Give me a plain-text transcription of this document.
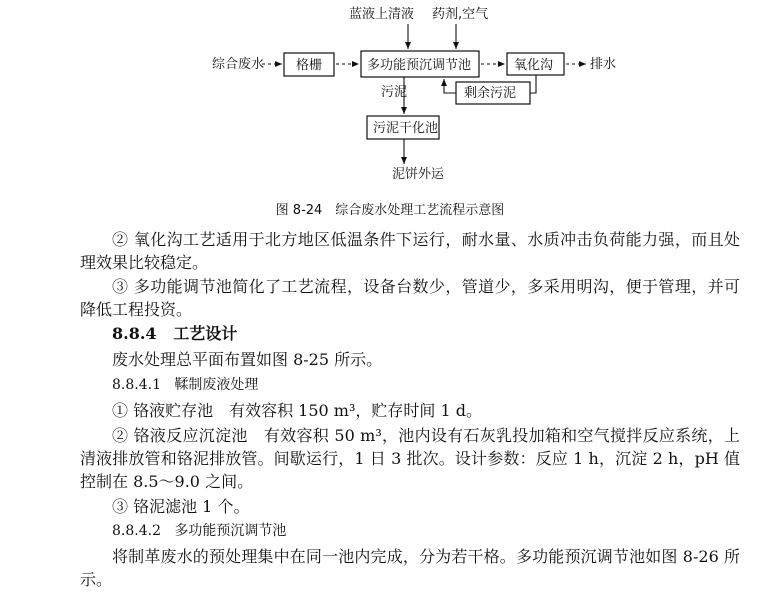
蓝液上清液 药剂,空气
综合废水	排水
污泥
泥饼外运
格栅	多功能预沉调节池	氧化沟
剩余污泥
污泥干化池
图 8-24　综合废水处理工艺流程示意图

② 氧化沟工艺适用于北方地区低温条件下运行，耐水量、水质冲击负荷能力强，而且处理效果比较稳定。

③ 多功能调节池简化了工艺流程，设备台数少，管道少，多采用明沟，便于管理，并可降低工程投资。

8.8.4 工艺设计

废水处理总平面布置如图 8-25 所示。

8.8.4.1 鞣制废液处理

① 铬液贮存池　有效容积 150 m³，贮存时间 1 d。

② 铬液反应沉淀池　有效容积 50 m³，池内设有石灰乳投加箱和空气搅拌反应系统，上清液排放管和铬泥排放管。间歇运行，1 日 3 批次。设计参数：反应 1 h，沉淀 2 h，pH 值控制在 8.5～9.0 之间。

③ 铬泥滤池 1 个。

8.8.4.2 多功能预沉调节池

将制革废水的预处理集中在同一池内完成，分为若干格。多功能预沉调节池如图 8-26 所示。
